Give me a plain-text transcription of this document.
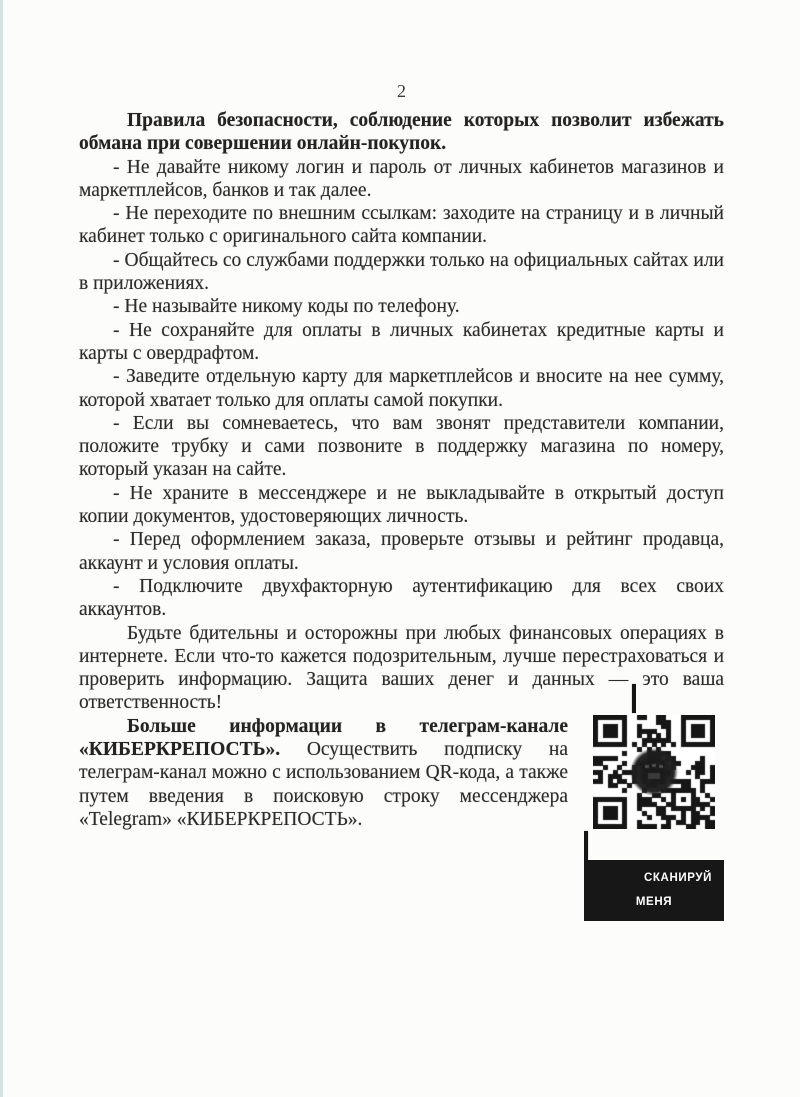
2

Правила безопасности, соблюдение которых позволит избежать обмана при совершении онлайн-покупок.

- Не давайте никому логин и пароль от личных кабинетов магазинов и маркетплейсов, банков и так далее.

- Не переходите по внешним ссылкам: заходите на страницу и в личный кабинет только с оригинального сайта компании.

- Общайтесь со службами поддержки только на официальных сайтах или в приложениях.

- Не называйте никому коды по телефону.

- Не сохраняйте для оплаты в личных кабинетах кредитные карты и карты с овердрафтом.

- Заведите отдельную карту для маркетплейсов и вносите на нее сумму, которой хватает только для оплаты самой покупки.

- Если вы сомневаетесь, что вам звонят представители компании, положите трубку и сами позвоните в поддержку магазина по номеру, который указан на сайте.

- Не храните в мессенджере и не выкладывайте в открытый доступ копии документов, удостоверяющих личность.

- Перед оформлением заказа, проверьте отзывы и рейтинг продавца, аккаунт и условия оплаты.

- Подключите двухфакторную аутентификацию для всех своих аккаунтов.

Будьте бдительны и осторожны при любых финансовых операциях в интернете. Если что-то кажется подозрительным, лучше перестраховаться и проверить информацию. Защита ваших денег и данных — это ваша ответственность!

СКАНИРУЙ МЕНЯ
Больше информации в телеграм-канале «КИБЕРКРЕПОСТЬ». Осуществить подписку на телеграм-канал можно с использованием QR-кода, а также путем введения в поисковую строку мессенджера «Telegram» «КИБЕРКРЕПОСТЬ».
